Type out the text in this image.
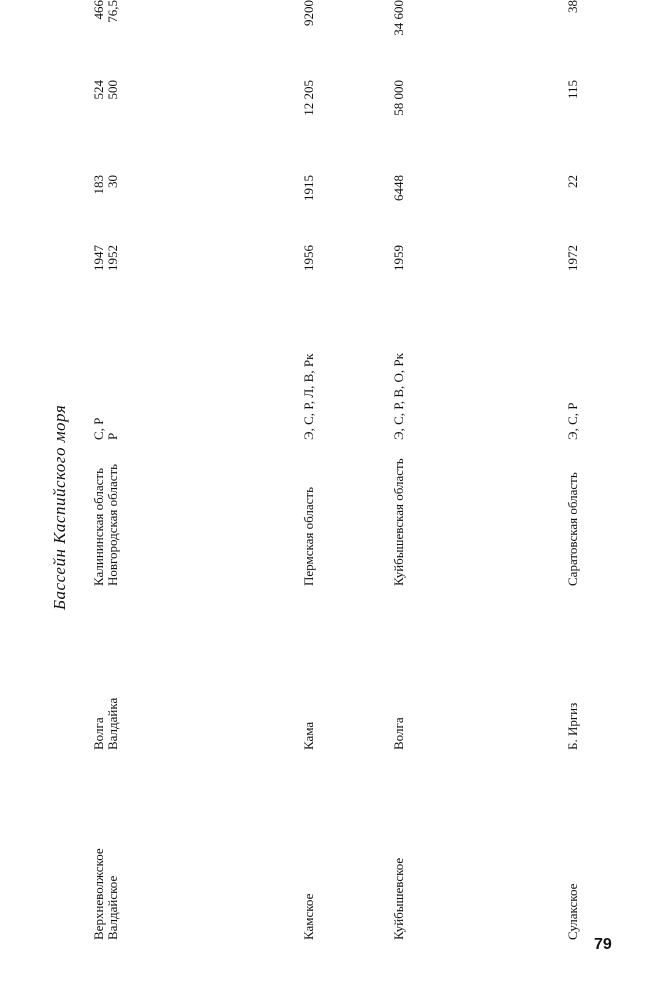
Бассейн Каспийского моря
Верхневолжское
Волга
Калининская область
С, Р
1947
183
524
466
Валдайское
Валдайка
Новгородская область
Р
1952
30
500
76,5
Камское
Кама
Пермская область
Э, С, Р, Л, В, Рк
1956
1915
12 205
9200
Куйбышевское
Волга
Куйбышевская область
Э, С, Р, В, О, Рк
1959
6448
58 000
34 600
Сулакское
Б. Иргиз
Саратовская область
Э, С, Р
1972
22
115
38
79
